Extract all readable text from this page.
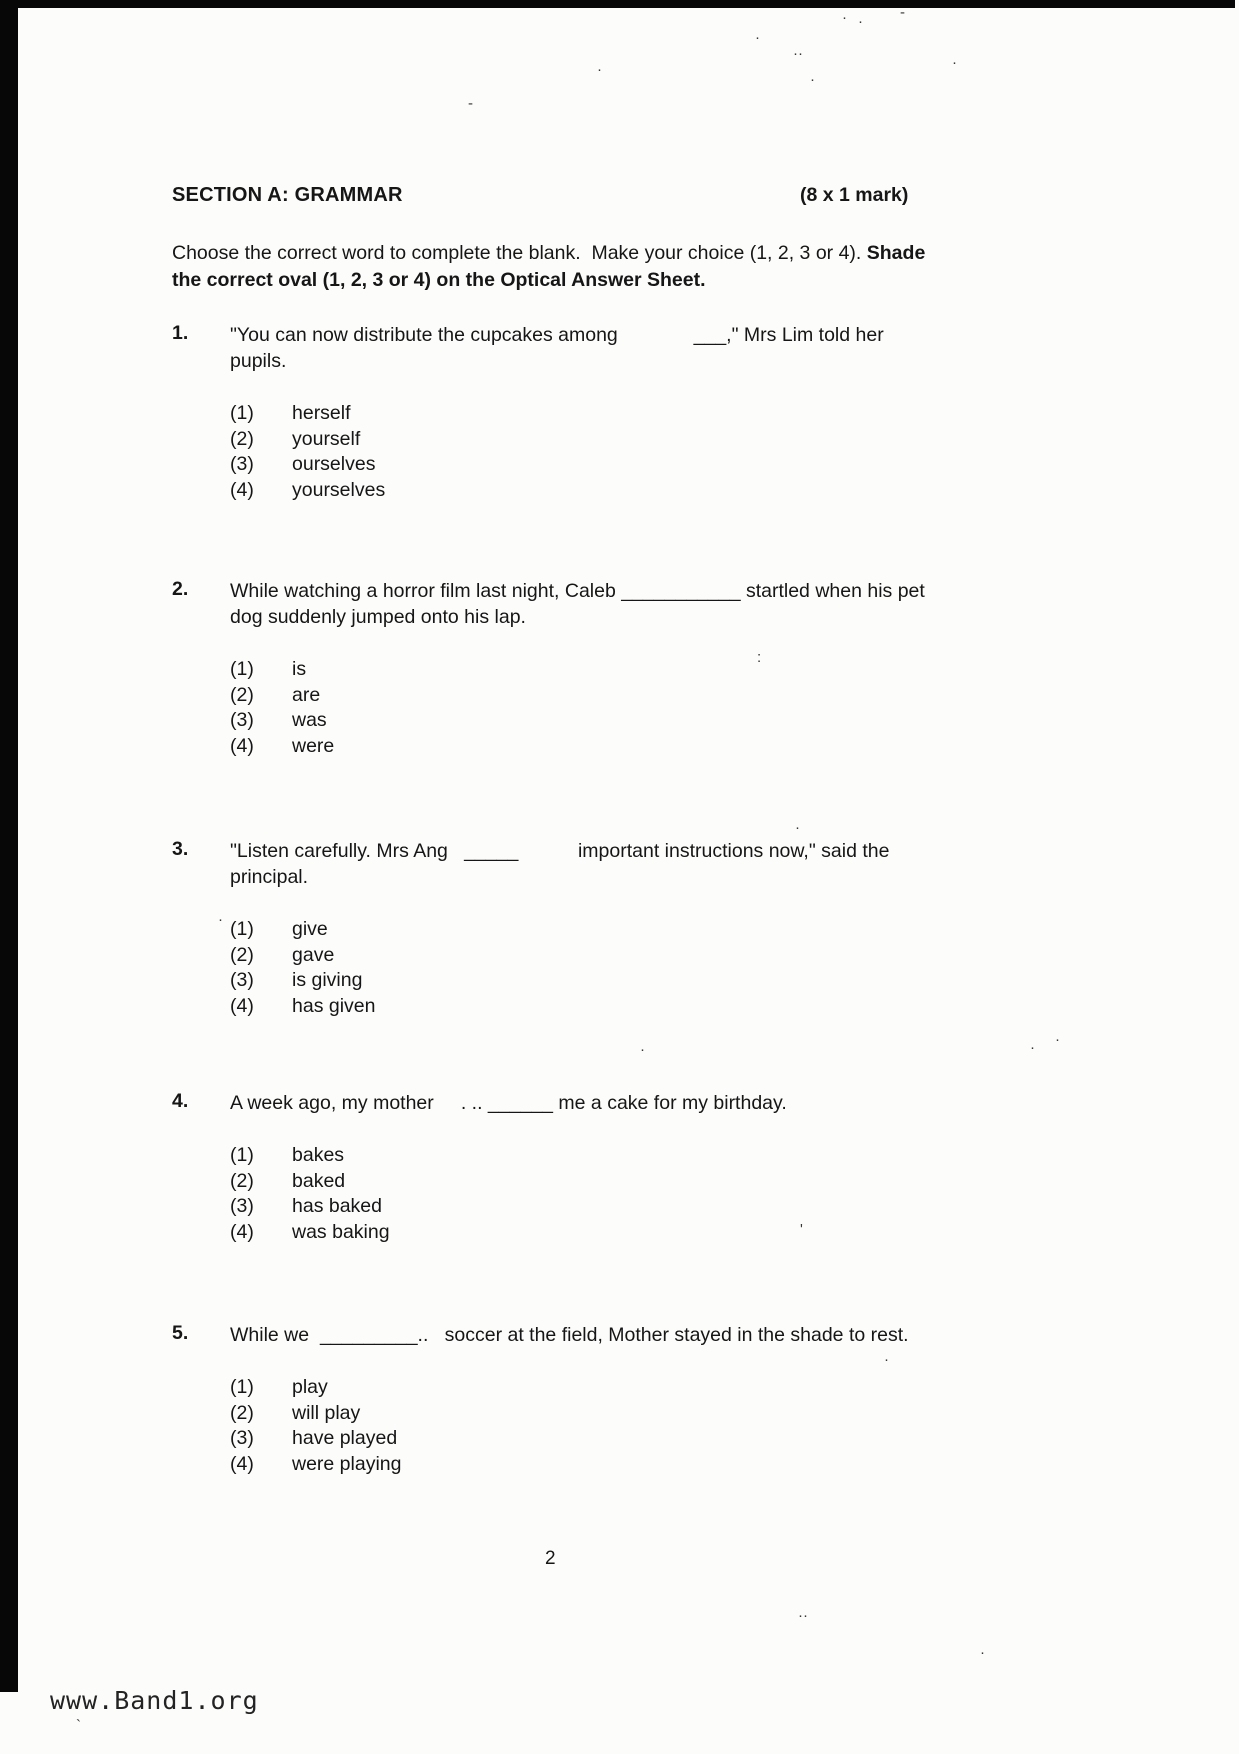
SECTION A: GRAMMAR	(8 x 1 mark)
Choose the correct word to complete the blank.  Make your choice (1, 2, 3 or 4). Shade
the correct oval (1, 2, 3 or 4) on the Optical Answer Sheet.
1.	"You can now distribute the cupcakes among              ___," Mrs Lim told her
pupils.
(1)	herself
(2)	yourself
(3)	ourselves
(4)	yourselves
2.	While watching a horror film last night, Caleb ___________ startled when his pet
dog suddenly jumped onto his lap.
(1)	is
(2)	are
(3)	was
(4)	were
3.	"Listen carefully. Mrs Ang   _____           important instructions now," said the
principal.
(1)	give
(2)	gave
(3)	is giving
(4)	has given
4.	A week ago, my mother     . .. ______ me a cake for my birthday.
(1)	bakes
(2)	baked
(3)	has baked
(4)	was baking
5.	While we  _________..   soccer at the field, Mother stayed in the shade to rest.
(1)	play
(2)	will play
(3)	have played
(4)	were playing
2
· ·
-
·
··
·
·
·
-
:
·
·
·	· ·
'
·
··
·
`
www.Band1.org
